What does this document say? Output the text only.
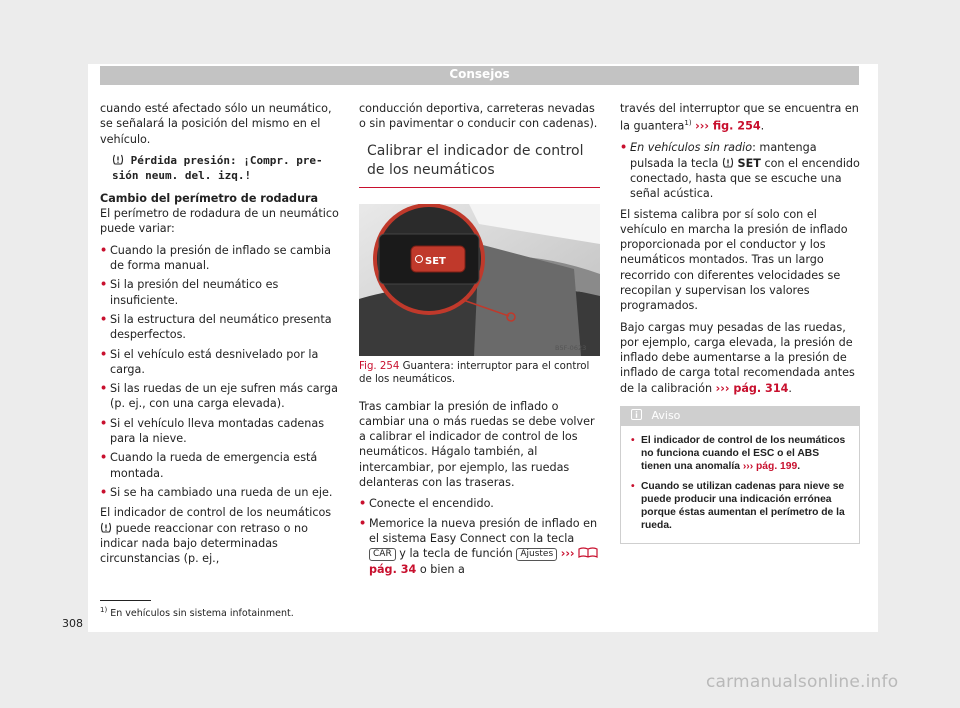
Consejos

cuando esté afectado sólo un neumático, se señalará la posición del mismo en el vehículo.

Pérdida presión: ¡Compr. pre-
sión neum. del. izq.!
Cambio del perímetro de rodadura

El perímetro de rodadura de un neumático puede variar:

• Cuando la presión de inflado se cambia de forma manual.
• Si la presión del neumático es insuficiente.
• Si la estructura del neumático presenta desperfectos.
• Si el vehículo está desnivelado por la carga.
• Si las ruedas de un eje sufren más carga (p. ej., con una carga elevada).
• Si el vehículo lleva montadas cadenas para la nieve.
• Cuando la rueda de emergencia está montada.
• Si se ha cambiado una rueda de un eje.

El indicador de control de los neumáticos  puede reaccionar con retraso o no indicar nada bajo determinadas circunstancias (p. ej.,

conducción deportiva, carreteras nevadas o sin pavimentar o conducir con cadenas).

Calibrar el indicador de control de los neumáticos
SET
B5F-0623
Fig. 254 Guantera: interruptor para el control de los neumáticos.

Tras cambiar la presión de inflado o cambiar una o más ruedas se debe volver a calibrar el indicador de control de los neumáticos. Hágalo también, al intercambiar, por ejemplo, las ruedas delanteras con las traseras.

• Conecte el encendido.
• Memorice la nueva presión de inflado en el sistema Easy Connect con la tecla CAR y la tecla de función Ajustes ›››  pág. 34 o bien a

través del interruptor que se encuentra en la guantera$^{1)}$ ››› fig. 254.

• En vehículos sin radio: mantenga pulsada la tecla SET con el encendido conectado, hasta que se escuche una señal acústica.

El sistema calibra por sí solo con el vehículo en marcha la presión de inflado proporcionada por el conductor y los neumáticos montados. Tras un largo recorrido con diferentes velocidades se recopilan y supervisan los valores programados.

Bajo cargas muy pesadas de las ruedas, por ejemplo, carga elevada, la presión de inflado debe aumentarse a la presión de inflado de carga total recomendada antes de la calibración ››› pág. 314.

Aviso
• El indicador de control de los neumáticos no funciona cuando el ESC o el ABS tienen una anomalía ››› pág. 199.
• Cuando se utilizan cadenas para nieve se puede producir una indicación errónea porque éstas aumentan el perímetro de la rueda.
$^{1)}$ En vehículos sin sistema infotainment.
308
carmanualsonline.info
